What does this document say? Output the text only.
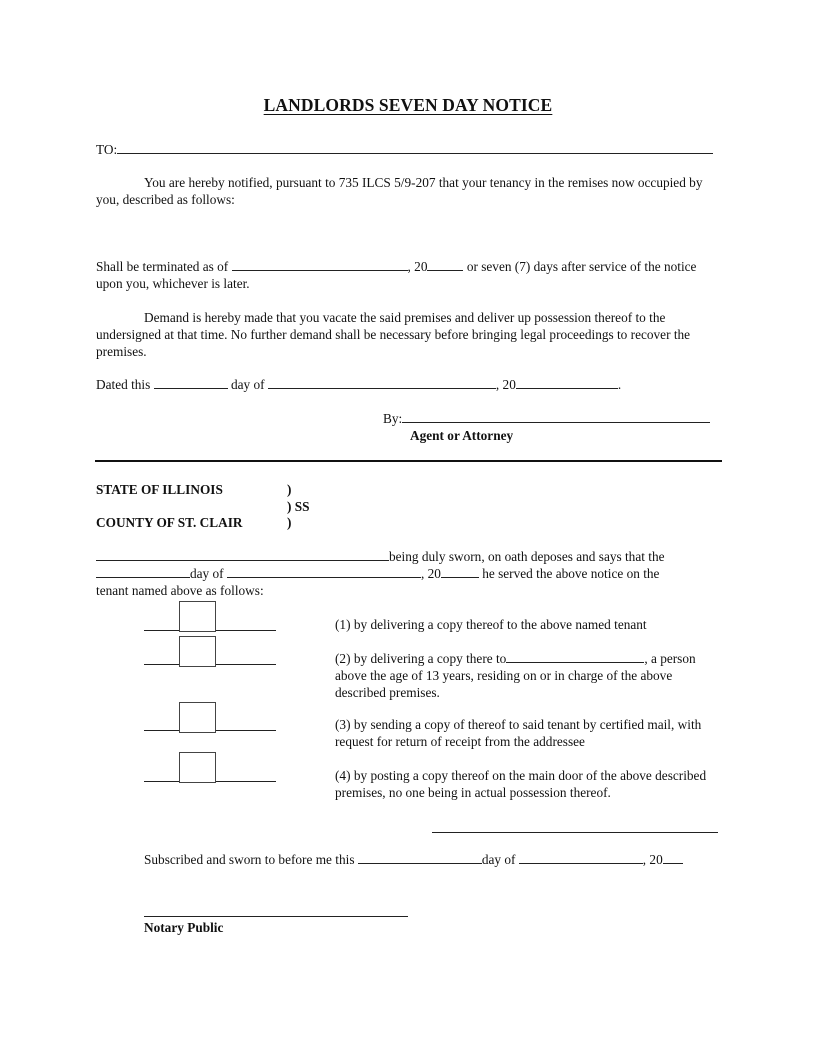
LANDLORDS SEVEN DAY NOTICE
TO:
You are hereby notified, pursuant to 735 ILCS 5/9-207 that your tenancy in the remises now occupied by you, described as follows:
Shall be terminated as of	, 20	or seven (7) days after service of the notice upon you, whichever is later.
Demand is hereby made that you vacate the said premises and deliver up possession thereof to the undersigned at that time. No further demand shall be necessary before bringing legal proceedings to recover the premises.
Dated this	day of	, 20	.
By:
Agent or Attorney
STATE OF ILLINOIS	)
) SS
COUNTY OF ST. CLAIR	)
being duly sworn, on oath deposes and says that the
day of	, 20	he served the above notice on the
tenant named above as follows:
(1) by delivering a copy thereof to the above named tenant
(2) by delivering a copy there to	, a person above the age of 13 years, residing on or in charge of the above described premises.
(3) by sending a copy of thereof to said tenant by certified mail, with request for return of receipt from the addressee
(4) by posting a copy thereof on the main door of the above described premises, no one being in actual possession thereof.
Subscribed and sworn to before me this	day of	, 20
Notary Public
